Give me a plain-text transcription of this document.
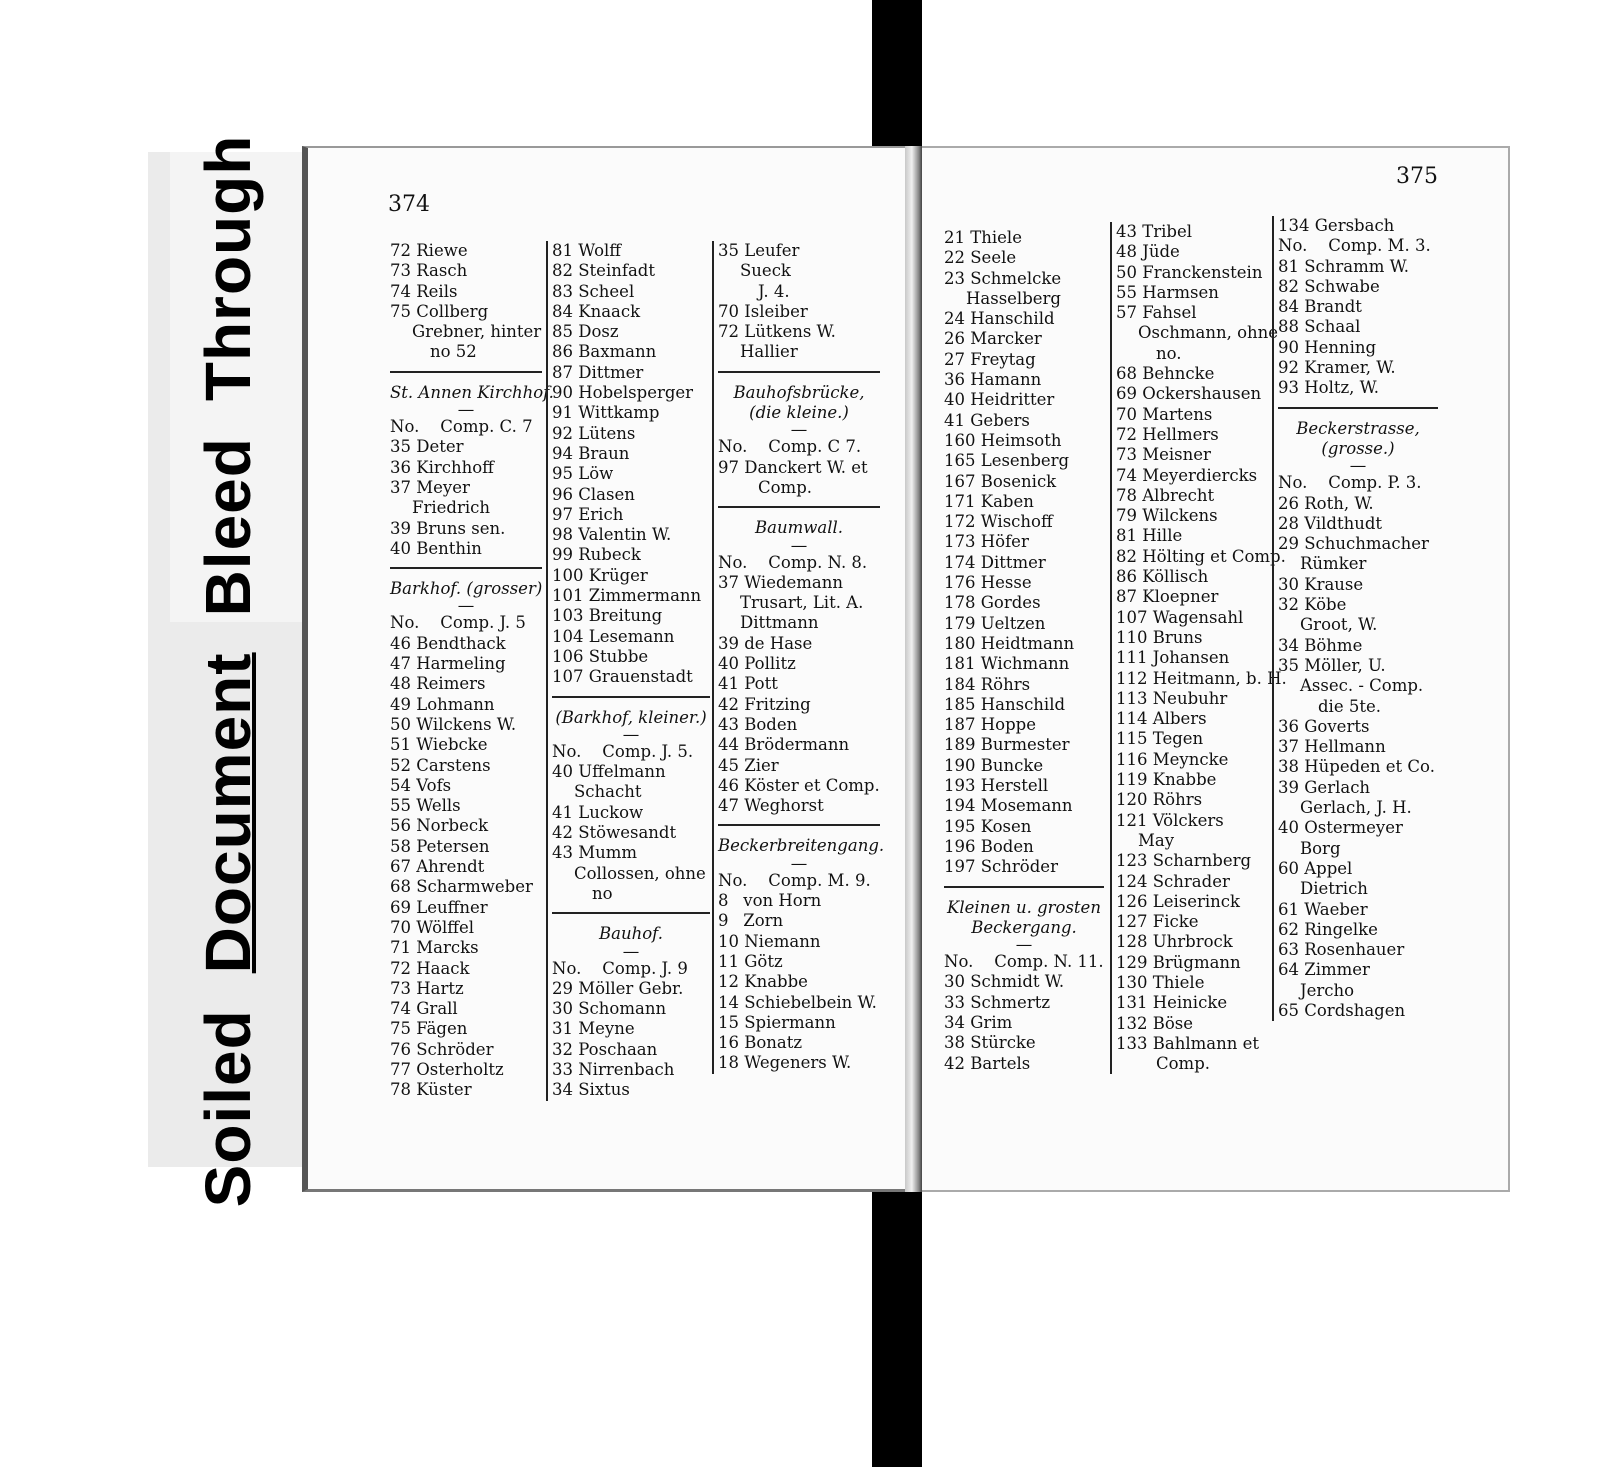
SoiledDocumentBleedThrough	374
375
72 Riewe
73 Rasch
74 Reils
75 Collberg
Grebner, hinter
no 52
St. Annen Kirchhof.
—
No.    Comp. C. 7
35 Deter
36 Kirchhoff
37 Meyer
Friedrich
39 Bruns sen.
40 Benthin
Barkhof. (grosser)
—
No.    Comp. J. 5
46 Bendthack
47 Harmeling
48 Reimers
49 Lohmann
50 Wilckens W.
51 Wiebcke
52 Carstens
54 Vofs
55 Wells
56 Norbeck
58 Petersen
67 Ahrendt
68 Scharmweber
69 Leuffner
70 Wölffel
71 Marcks
72 Haack
73 Hartz
74 Grall
75 Fägen
76 Schröder
77 Osterholtz
78 Küster
81 Wolff
82 Steinfadt
83 Scheel
84 Knaack
85 Dosz
86 Baxmann
87 Dittmer
90 Hobelsperger
91 Wittkamp
92 Lütens
94 Braun
95 Löw
96 Clasen
97 Erich
98 Valentin W.
99 Rubeck
100 Krüger
101 Zimmermann
103 Breitung
104 Lesemann
106 Stubbe
107 Grauenstadt
(Barkhof, kleiner.)
—
No.    Comp. J. 5.
40 Uffelmann
Schacht
41 Luckow
42 Stöwesandt
43 Mumm
Collossen, ohne
no
Bauhof.
—
No.    Comp. J. 9
29 Möller Gebr.
30 Schomann
31 Meyne
32 Poschaan
33 Nirrenbach
34 Sixtus
35 Leufer
Sueck
J. 4.
70 Isleiber
72 Lütkens W.
Hallier
Bauhofsbrücke,
(die kleine.)
—
No.    Comp. C 7.
97 Danckert W. et
Comp.
Baumwall.
—
No.    Comp. N. 8.
37 Wiedemann
Trusart, Lit. A.
Dittmann
39 de Hase
40 Pollitz
41 Pott
42 Fritzing
43 Boden
44 Brödermann
45 Zier
46 Köster et Comp.
47 Weghorst
Beckerbreitengang.
—
No.    Comp. M. 9.
8 von Horn
9 Zorn
10 Niemann
11 Götz
12 Knabbe
14 Schiebelbein W.
15 Spiermann
16 Bonatz
18 Wegeners W.
21 Thiele
22 Seele
23 Schmelcke
Hasselberg
24 Hanschild
26 Marcker
27 Freytag
36 Hamann
40 Heidritter
41 Gebers
160 Heimsoth
165 Lesenberg
167 Bosenick
171 Kaben
172 Wischoff
173 Höfer
174 Dittmer
176 Hesse
178 Gordes
179 Ueltzen
180 Heidtmann
181 Wichmann
184 Röhrs
185 Hanschild
187 Hoppe
189 Burmester
190 Buncke
193 Herstell
194 Mosemann
195 Kosen
196 Boden
197 Schröder
Kleinen u. grosten
Beckergang.
—
No.    Comp. N. 11.
30 Schmidt W.
33 Schmertz
34 Grim
38 Stürcke
42 Bartels
43 Tribel
48 Jüde
50 Franckenstein
55 Harmsen
57 Fahsel
Oschmann, ohne
no.
68 Behncke
69 Ockershausen
70 Martens
72 Hellmers
73 Meisner
74 Meyerdiercks
78 Albrecht
79 Wilckens
81 Hille
82 Hölting et Comp.
86 Köllisch
87 Kloepner
107 Wagensahl
110 Bruns
111 Johansen
112 Heitmann, b. H.
113 Neubuhr
114 Albers
115 Tegen
116 Meyncke
119 Knabbe
120 Röhrs
121 Völckers
May
123 Scharnberg
124 Schrader
126 Leiserinck
127 Ficke
128 Uhrbrock
129 Brügmann
130 Thiele
131 Heinicke
132 Böse
133 Bahlmann et
Comp.
134 Gersbach
No.    Comp. M. 3.
81 Schramm W.
82 Schwabe
84 Brandt
88 Schaal
90 Henning
92 Kramer, W.
93 Holtz, W.
Beckerstrasse,
(grosse.)
—
No.    Comp. P. 3.
26 Roth, W.
28 Vildthudt
29 Schuchmacher
Rümker
30 Krause
32 Köbe
Groot, W.
34 Böhme
35 Möller, U.
Assec. - Comp.
die 5te.
36 Goverts
37 Hellmann
38 Hüpeden et Co.
39 Gerlach
Gerlach, J. H.
40 Ostermeyer
Borg
60 Appel
Dietrich
61 Waeber
62 Ringelke
63 Rosenhauer
64 Zimmer
Jercho
65 Cordshagen
